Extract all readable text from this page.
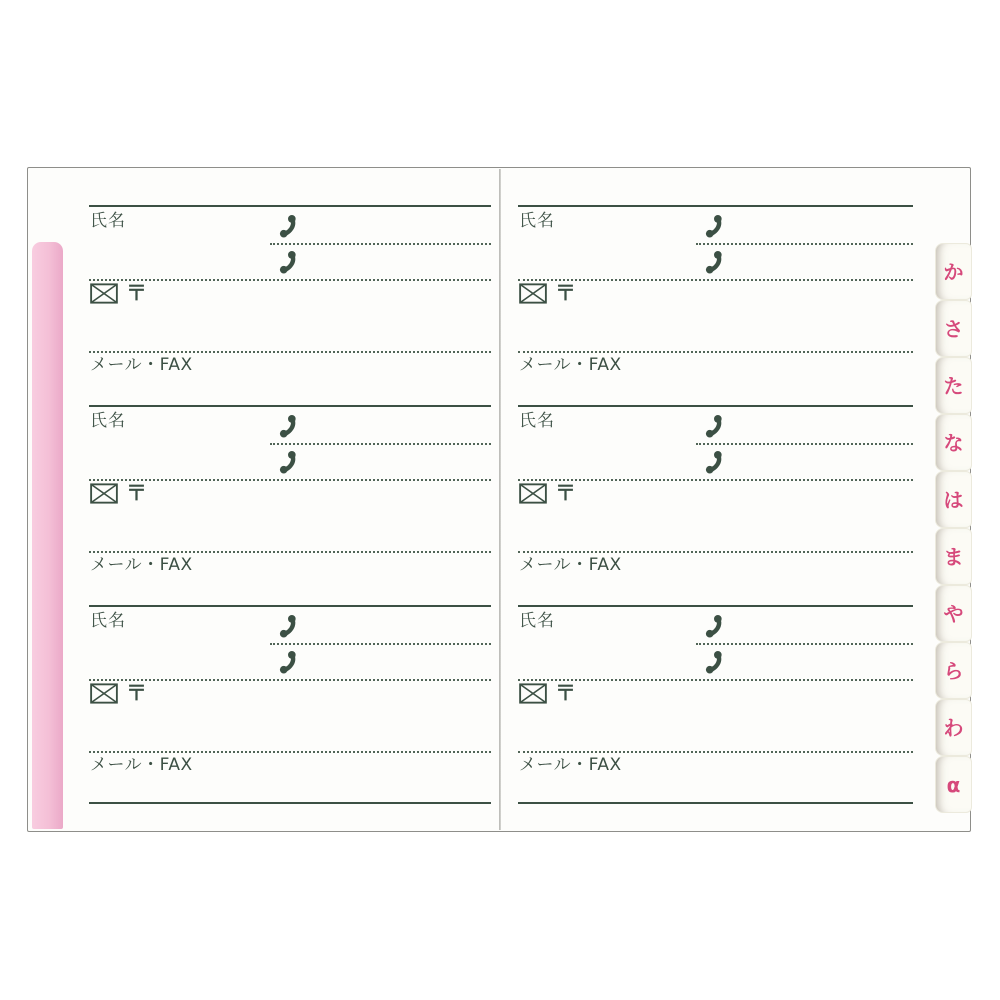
氏名
〒
メール・FAX
氏名
〒
メール・FAX
氏名
〒
メール・FAX
氏名
〒
メール・FAX
氏名
〒
メール・FAX
氏名
〒
メール・FAX
か
さ
た
な
は
ま
や
ら
わ
α
